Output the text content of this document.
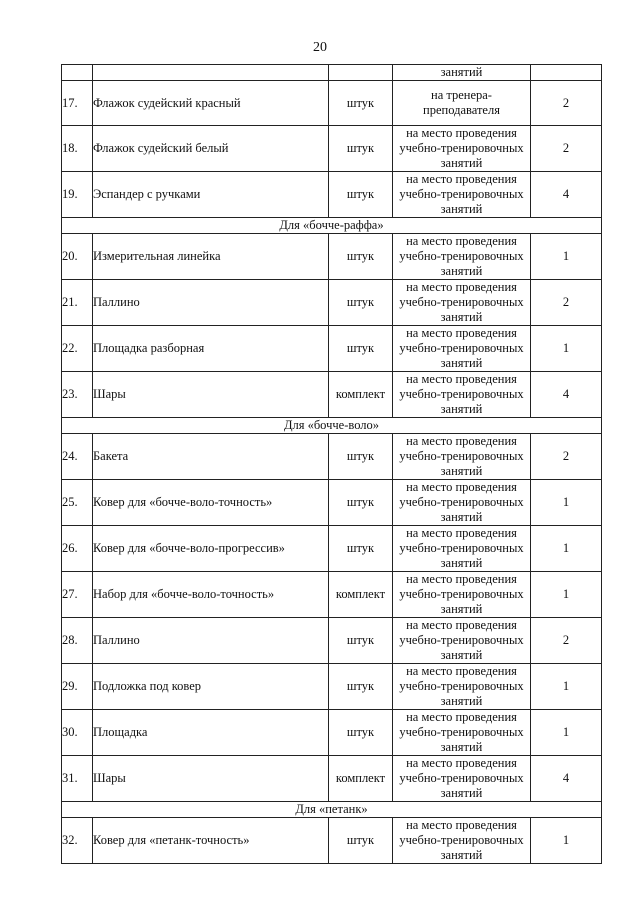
20
			занятий	
17.	Флажок судейский красный	штук	на тренера-
преподавателя	2
18.	Флажок судейский белый	штук	на место проведения
учебно-тренировочных
занятий	2
19.	Эспандер с ручками	штук	на место проведения
учебно-тренировочных
занятий	4
Для «бочче-раффа»				
20.	Измерительная линейка	штук	на место проведения
учебно-тренировочных
занятий	1
21.	Паллино	штук	на место проведения
учебно-тренировочных
занятий	2
22.	Площадка разборная	штук	на место проведения
учебно-тренировочных
занятий	1
23.	Шары	комплект	на место проведения
учебно-тренировочных
занятий	4
Для «бочче-воло»				
24.	Бакета	штук	на место проведения
учебно-тренировочных
занятий	2
25.	Ковер для «бочче-воло-точность»	штук	на место проведения
учебно-тренировочных
занятий	1
26.	Ковер для «бочче-воло-прогрессив»	штук	на место проведения
учебно-тренировочных
занятий	1
27.	Набор для «бочче-воло-точность»	комплект	на место проведения
учебно-тренировочных
занятий	1
28.	Паллино	штук	на место проведения
учебно-тренировочных
занятий	2
29.	Подложка под ковер	штук	на место проведения
учебно-тренировочных
занятий	1
30.	Площадка	штук	на место проведения
учебно-тренировочных
занятий	1
31.	Шары	комплект	на место проведения
учебно-тренировочных
занятий	4
Для «петанк»				
32.	Ковер для «петанк-точность»	штук	на место проведения
учебно-тренировочных
занятий	1
